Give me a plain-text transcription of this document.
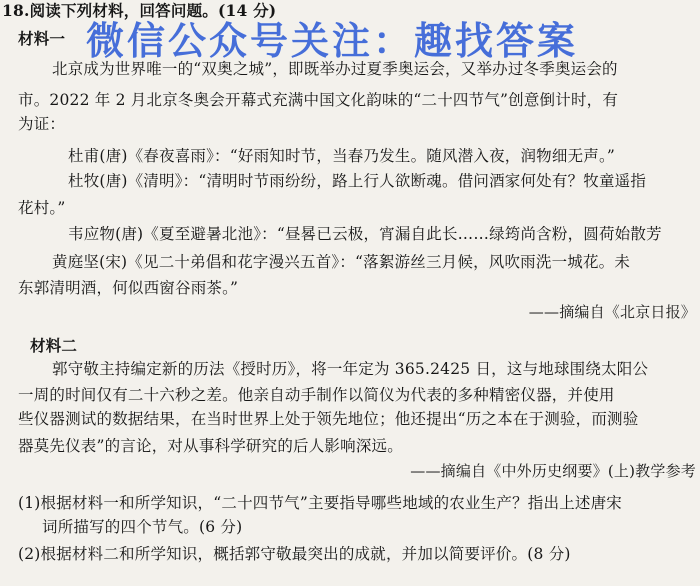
18.阅读下列材料，回答问题。(14 分)
材料一
北京成为世界唯一的“双奥之城”，即既举办过夏季奥运会，又举办过冬季奥运会的
市。2022 年 2 月北京冬奥会开幕式充满中国文化韵味的“二十四节气”创意倒计时，有
为证：
杜甫(唐)《春夜喜雨》：“好雨知时节，当春乃发生。随风潜入夜，润物细无声。”
杜牧(唐)《清明》：“清明时节雨纷纷，路上行人欲断魂。借问酒家何处有？牧童遥指
花村。”
韦应物(唐)《夏至避暑北池》：“昼晷已云极，宵漏自此长……绿筠尚含粉，圆荷始散芳
黄庭坚(宋)《见二十弟倡和花字漫兴五首》：“落絮游丝三月候，风吹雨洗一城花。未
东郭清明酒，何似西窗谷雨茶。”
——摘编自《北京日报》
材料二
郭守敬主持编定新的历法《授时历》，将一年定为 365.2425 日，这与地球围绕太阳公
一周的时间仅有二十六秒之差。他亲自动手制作以简仪为代表的多种精密仪器，并使用
些仪器测试的数据结果，在当时世界上处于领先地位；他还提出“历之本在于测验，而测验
器莫先仪表”的言论，对从事科学研究的后人影响深远。
——摘编自《中外历史纲要》(上)教学参考
(1)根据材料一和所学知识，“二十四节气”主要指导哪些地域的农业生产？指出上述唐宋
词所描写的四个节气。(6 分)
(2)根据材料二和所学知识，概括郭守敬最突出的成就，并加以简要评价。(8 分)
微信公众号关注：趣找答案
